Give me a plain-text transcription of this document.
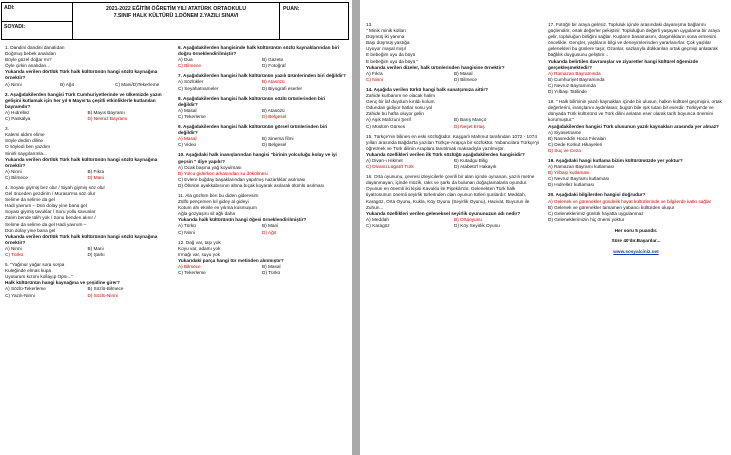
ADI:
SOYADI:
2021-2022 EĞİTİM ÖĞRETİM YILI ATATÜRK ORTAOKULU
7.SINIF HALK KÜLTÜRÜ 1.DÖNEM 2.YAZILI SINAVI
PUAN:

1. Dandini dandini danalı̇dan

Doğmuş bebek analıdan

Böyle güzel doğar mı?

Öyle çirkin analıdan...

Yukarıda verilen dörtlük Türk halk kültürünün hangi sözlü kaynağına örnektir?

A) Ninni	B) Ağıt	C) Mani/D)Tekerleme

2. Aşağıdakilerden hangisi Türk Cumhuriyetlerinde ve ülkemizde yazın gelişini kutlamak için her yıl 6 Mayıs'ta çeşitli etkinliklerle kutlanılan bayramdır?

A) Hıdrellez	B) Mayıs Bayramı
C) Paskalya	D) Nevruz Bayramı

3.

Kalemi aldım elime

Söyle dedim diline

O söyledi ben yazdım

Sinirli saygılarımla...

Yukarıda verilen dörtlük Türk halk kültürünün hangi sözlü kaynağına örnektir?

A) Ninni	B) Fıkra
C) Bilmece	D) Mani

4. Soyası giymiş bez olur / Siyah giymiş söz olur

Gel önceden gezdirim / Murasa'ma söz olur

Selime da selime da gel

Hadi yavrum – Dün dolay yine bana gel

Soyası giymiş tavuklar / Soru yollu savunlar

Zalım bende talih yok / Sonu benden alınır /

Selime da selime da gel Hadi yavrum –

Dün dolay yine bana gel

Yukarıda verilen dörtlük Türk halk kültürünün hangi sözlü kaynağına örnektir?

A) Ninni	B) Mani
C) Türkü	D) Şarkı

5. "Yağmur yağar sora sorpa

Kuleğinde elmas kupa

Uyuturum kızımı kollayıp Opsı..."

Halk kültürünün hangi kaynağına ve çeşidine girer?

A) Sözlü-Tekerleme	B) Sözlü-Bilmece
C) Yazılı-Ninni	D) Sözlü-Ninni

6. Aşağıdakilerden hangisinde halk kültürünün sözlü kaynaklarından biri doğru örneklendirilmiştir?

A) Dua	B) Gazete
C) Bilmece	D) Fotoğraf

7. Aşağıdakilerden hangisi halk kültürünün yazılı ürünlerinden biri değildir?

A) Sözlükler	B) Atasözü
C) Seyahatnameler	D) Biyografi eserler

8. Aşağıdakilerden hangisi halk kültürünün sözlü ürünlerinden biri değildir?

A) Masal	B) Atasözü
C) Tekerleme	D) Belgesel

9. Aşağıdakilerden hangisi halk kültürünün görsel ürünlerinden biri değildir?

A) Masal	B) Sinema filmi
C) Video	D) Belgesel

10. Aşağıdaki halk inanışlarından hangisi "birinin yolculuğu kolay ve iyi geçsin " diye yapılır?

A) Ocak başına yağ koyulması

B) Yolcu giderken arkasından su dökülmesi

C) Evlere buğday başaklarından yapılmış nazarlıklar asılması

D) Ölünün ayakkabısının altına bıçak koyarak asılarak ölümlü asılması

11. Ala gözlüm ben bu diden gideresim

Zülfü pençemen kıl gidey al gideyi

Kotum ahı ekinle ev yılıma kusmuşum

Ağla gözyaşını sil ağlı daha

Yukarıda halk kültürünün hangi öğesi örneklendirilmiştir?

A) Türkü	B) Mani
C) Ninni	D) Ağıt

12. Dağ var, taşı yok

Koyu var, adamı yok

Irmağı var, suyu yok

Yukarıdaki parça hangi tür metinden alınmıştır?

A) Bilmece	B) Masal
C) Tekerleme	D) Türkü

13.

" Minik minik kolları

Düşmüş iki yanına

Başı düşmüş yastığa

Uyuyor maşal mışıl

E bebeğim uyu da büyü

E bebeğim uyu da büyü "

Yukarıda verilen dizeler, halk ürünlerinden hangisine örnektir?

A) Fıkra	B) Masal
C) Ninni	D) Bilmece

14. Aşağıda verilen türkü hangi halk sanatçımıza aittir?

Zahide kurbanım ne olacak halim

Genç bir laf duydum kırıldı kolum

Odundan gidiyor hatlar sonu yol

Zahide bu hafta oluyor gelin

A) Aşık Mahzuni Şerif	B) Barış Manço
C) Müslüm Gürses	D) Neşet Ertaş

15. Türkçe'nin bilinen en eski sözlüğüdür. Kaşgarlı Mahmut tarafından 1072 - 1074 yılları arasında Bağdat'ta yazılan Türkçe-Arapça bir sözlüktür. Yabancılara Türkçe'yi öğretmek ve Türk dilinin Araplara tanıtılmak maksadıyla yazılmıştır.

Yukarıda özellikleri verilen ilk Türk sözlüğü aşağıdakilerden hangisidir?

A) Divan-ı Hikmet	B) Kutadgu Bilig
C) Divanü Lügati't Türk	D) Atabetü'l Hakayık

16. Orta oyununu, çevresi izleyicilerle çevrili bir alan içinde oynanan, yazılı metne dayanmayan, içinde müzik, raks ve şarkı da bulunan doğaçlamalarla oyundur. Oyunun en önemli iki kişisi Kavuklu ile Pişekâr'dır. Gelenekten Türk halk tiyatrosunun önemli seyirlik türlerinden olan oyunun türleri şunlardır: Meddah, Karagöz, Orta Oyunu, Kukla, Köy Oyunu (Seyirlik Oyunu), Hacivat, Buyurun ile Zuhurı...

Yukarıda özellikleri verilen geleneksel seyirlik oyununuzun adı nedir?

A) Meddah	B) Ortaoyunu
C) Karagöz	D) Köy Seyirlik Oyunu

17. Fotöğri bir araya gelirsiz. Topluluk içinde arasındaki dayanışma bağlarını güçlendirir, ortak değerler pekiştirir. Topluluğun değerli yaşayan uygulama bir araya gelir, topluluğun birliğini sağlar. Kuşların basamasını, dargınlıkların sona ermesini öncelikle. Gençler, yaşlıların bilgi ve deneyimlerinden yararlanırlar. Çok yaşlılar gelenekleri bu günlere taşır, Ozanlar, sazlarıyla dükkanları ortak geçmişi anlatarak bağlılık duygusunu geliştirir...

Yukarıda belirtilen davranışlar ve ziyaretler hangi kültürel öğemizde gerçekleşmektedir?

A) Ramazan Bayramında

B) Cumhuriyet Bayramında

C) Nevruz Bayramında

D) Yılbaşı Tatilinde

18. " Halk biliminin yazılı kaynakları içinde bir ulusun, halkın kültürel geçmişini, ortak değerlerini, inançlarını aydınlatan; bugün bile ışık tutan bir eserdir. Türkiye'de ve dünyada Türk kültürünü ve Türk dilini anlatan eser olarak tarih boyunca önemini korumuştur."

Aşağıdakilerden hangisi Türk ulusunun yazılı kaynakları arasında yer almaz?

A) Siyasetname

B) Nasreddin Hoca Fıkraları

C) Dede Korkut Hikayeleri

D) Suç ve Ceza

19. Aşağıdaki hangi kutlama bizim kültürümüzde yer yoktur?

A) Ramazan Bayramı kutlaması

B) Yılbaşı kutlaması

C) Nevruz Bayramı kutlaması

D) Hıdrellez kutlaması

20. Aşağıdaki bilgilerden hangisi doğrudur?

A) Gelenek ve görenekler gündelik hayat kültürlerinde ve bilgilerde katkı sağlar

B) Gelenek ve görenekler tamamen yabancı kültürden oluşur

C) Geleneklerimiz günlük hayatta uygulanmaz

D) Geleneklerimizin hiç önemi yoktur

Her soru 5 puandır.

Süre 40'dır.Başarılar...

www.sosyalciniz.net
